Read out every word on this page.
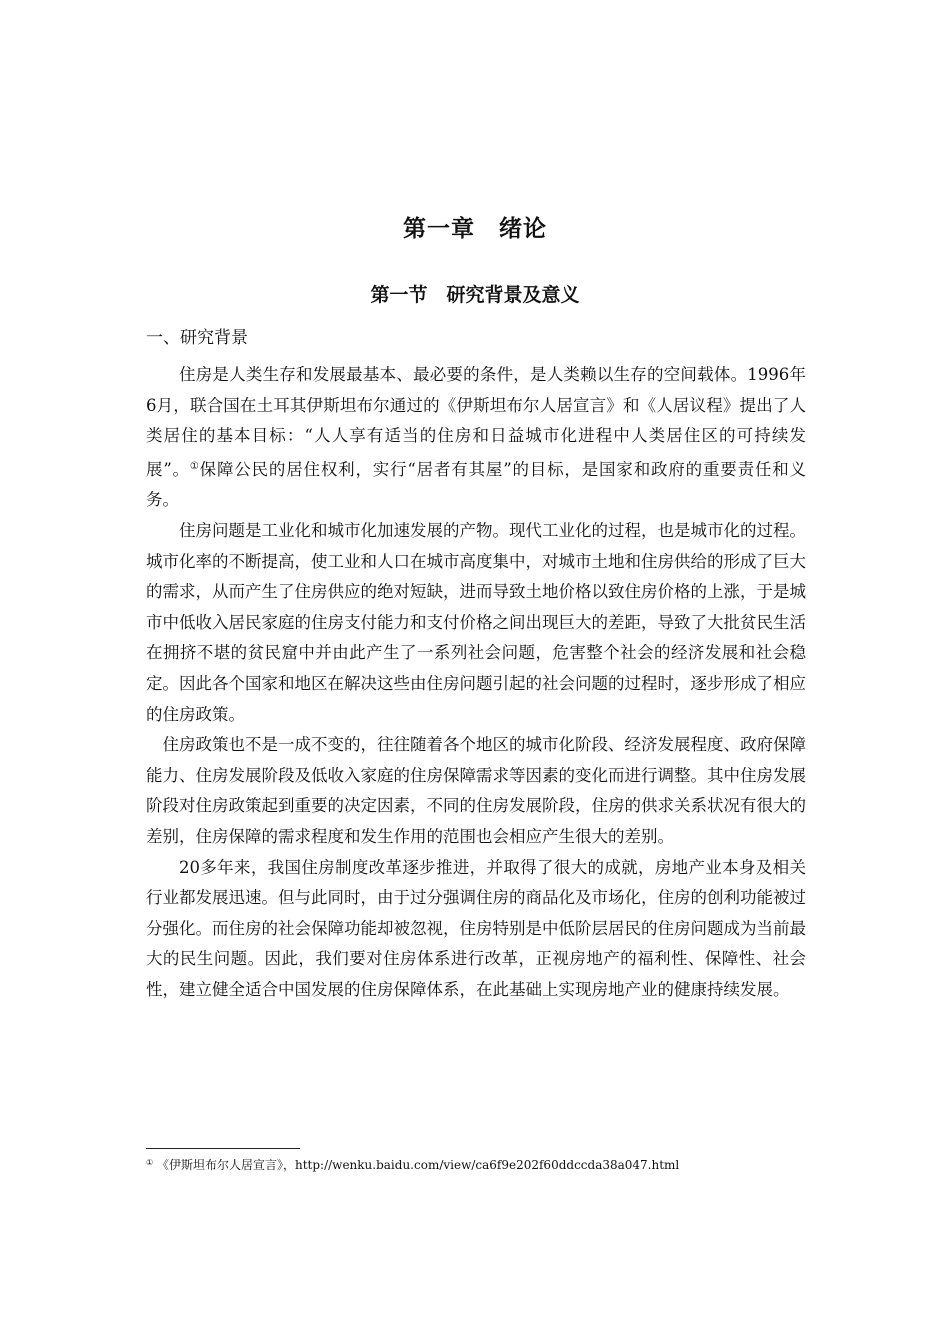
第一章　绪论
第一节　研究背景及意义
一、研究背景

住房是人类生存和发展最基本、最必要的条件，是人类赖以生存的空间载体。1996年6月，联合国在土耳其伊斯坦布尔通过的《伊斯坦布尔人居宣言》和《人居议程》提出了人类居住的基本目标：“人人享有适当的住房和日益城市化进程中人类居住区的可持续发展”。①保障公民的居住权利，实行“居者有其屋”的目标，是国家和政府的重要责任和义务。

住房问题是工业化和城市化加速发展的产物。现代工业化的过程，也是城市化的过程。城市化率的不断提高，使工业和人口在城市高度集中，对城市土地和住房供给的形成了巨大的需求，从而产生了住房供应的绝对短缺，进而导致土地价格以致住房价格的上涨，于是城市中低收入居民家庭的住房支付能力和支付价格之间出现巨大的差距，导致了大批贫民生活在拥挤不堪的贫民窟中并由此产生了一系列社会问题，危害整个社会的经济发展和社会稳定。因此各个国家和地区在解决这些由住房问题引起的社会问题的过程时，逐步形成了相应的住房政策。

住房政策也不是一成不变的，往往随着各个地区的城市化阶段、经济发展程度、政府保障能力、住房发展阶段及低收入家庭的住房保障需求等因素的变化而进行调整。其中住房发展阶段对住房政策起到重要的决定因素，不同的住房发展阶段，住房的供求关系状况有很大的差别，住房保障的需求程度和发生作用的范围也会相应产生很大的差别。

20多年来，我国住房制度改革逐步推进，并取得了很大的成就，房地产业本身及相关行业都发展迅速。但与此同时，由于过分强调住房的商品化及市场化，住房的创利功能被过分强化。而住房的社会保障功能却被忽视，住房特别是中低阶层居民的住房问题成为当前最大的民生问题。因此，我们要对住房体系进行改革，正视房地产的福利性、保障性、社会性，建立健全适合中国发展的住房保障体系，在此基础上实现房地产业的健康持续发展。

① 《伊斯坦布尔人居宣言》，http://wenku.baidu.com/view/ca6f9e202f60ddccda38a047.html
